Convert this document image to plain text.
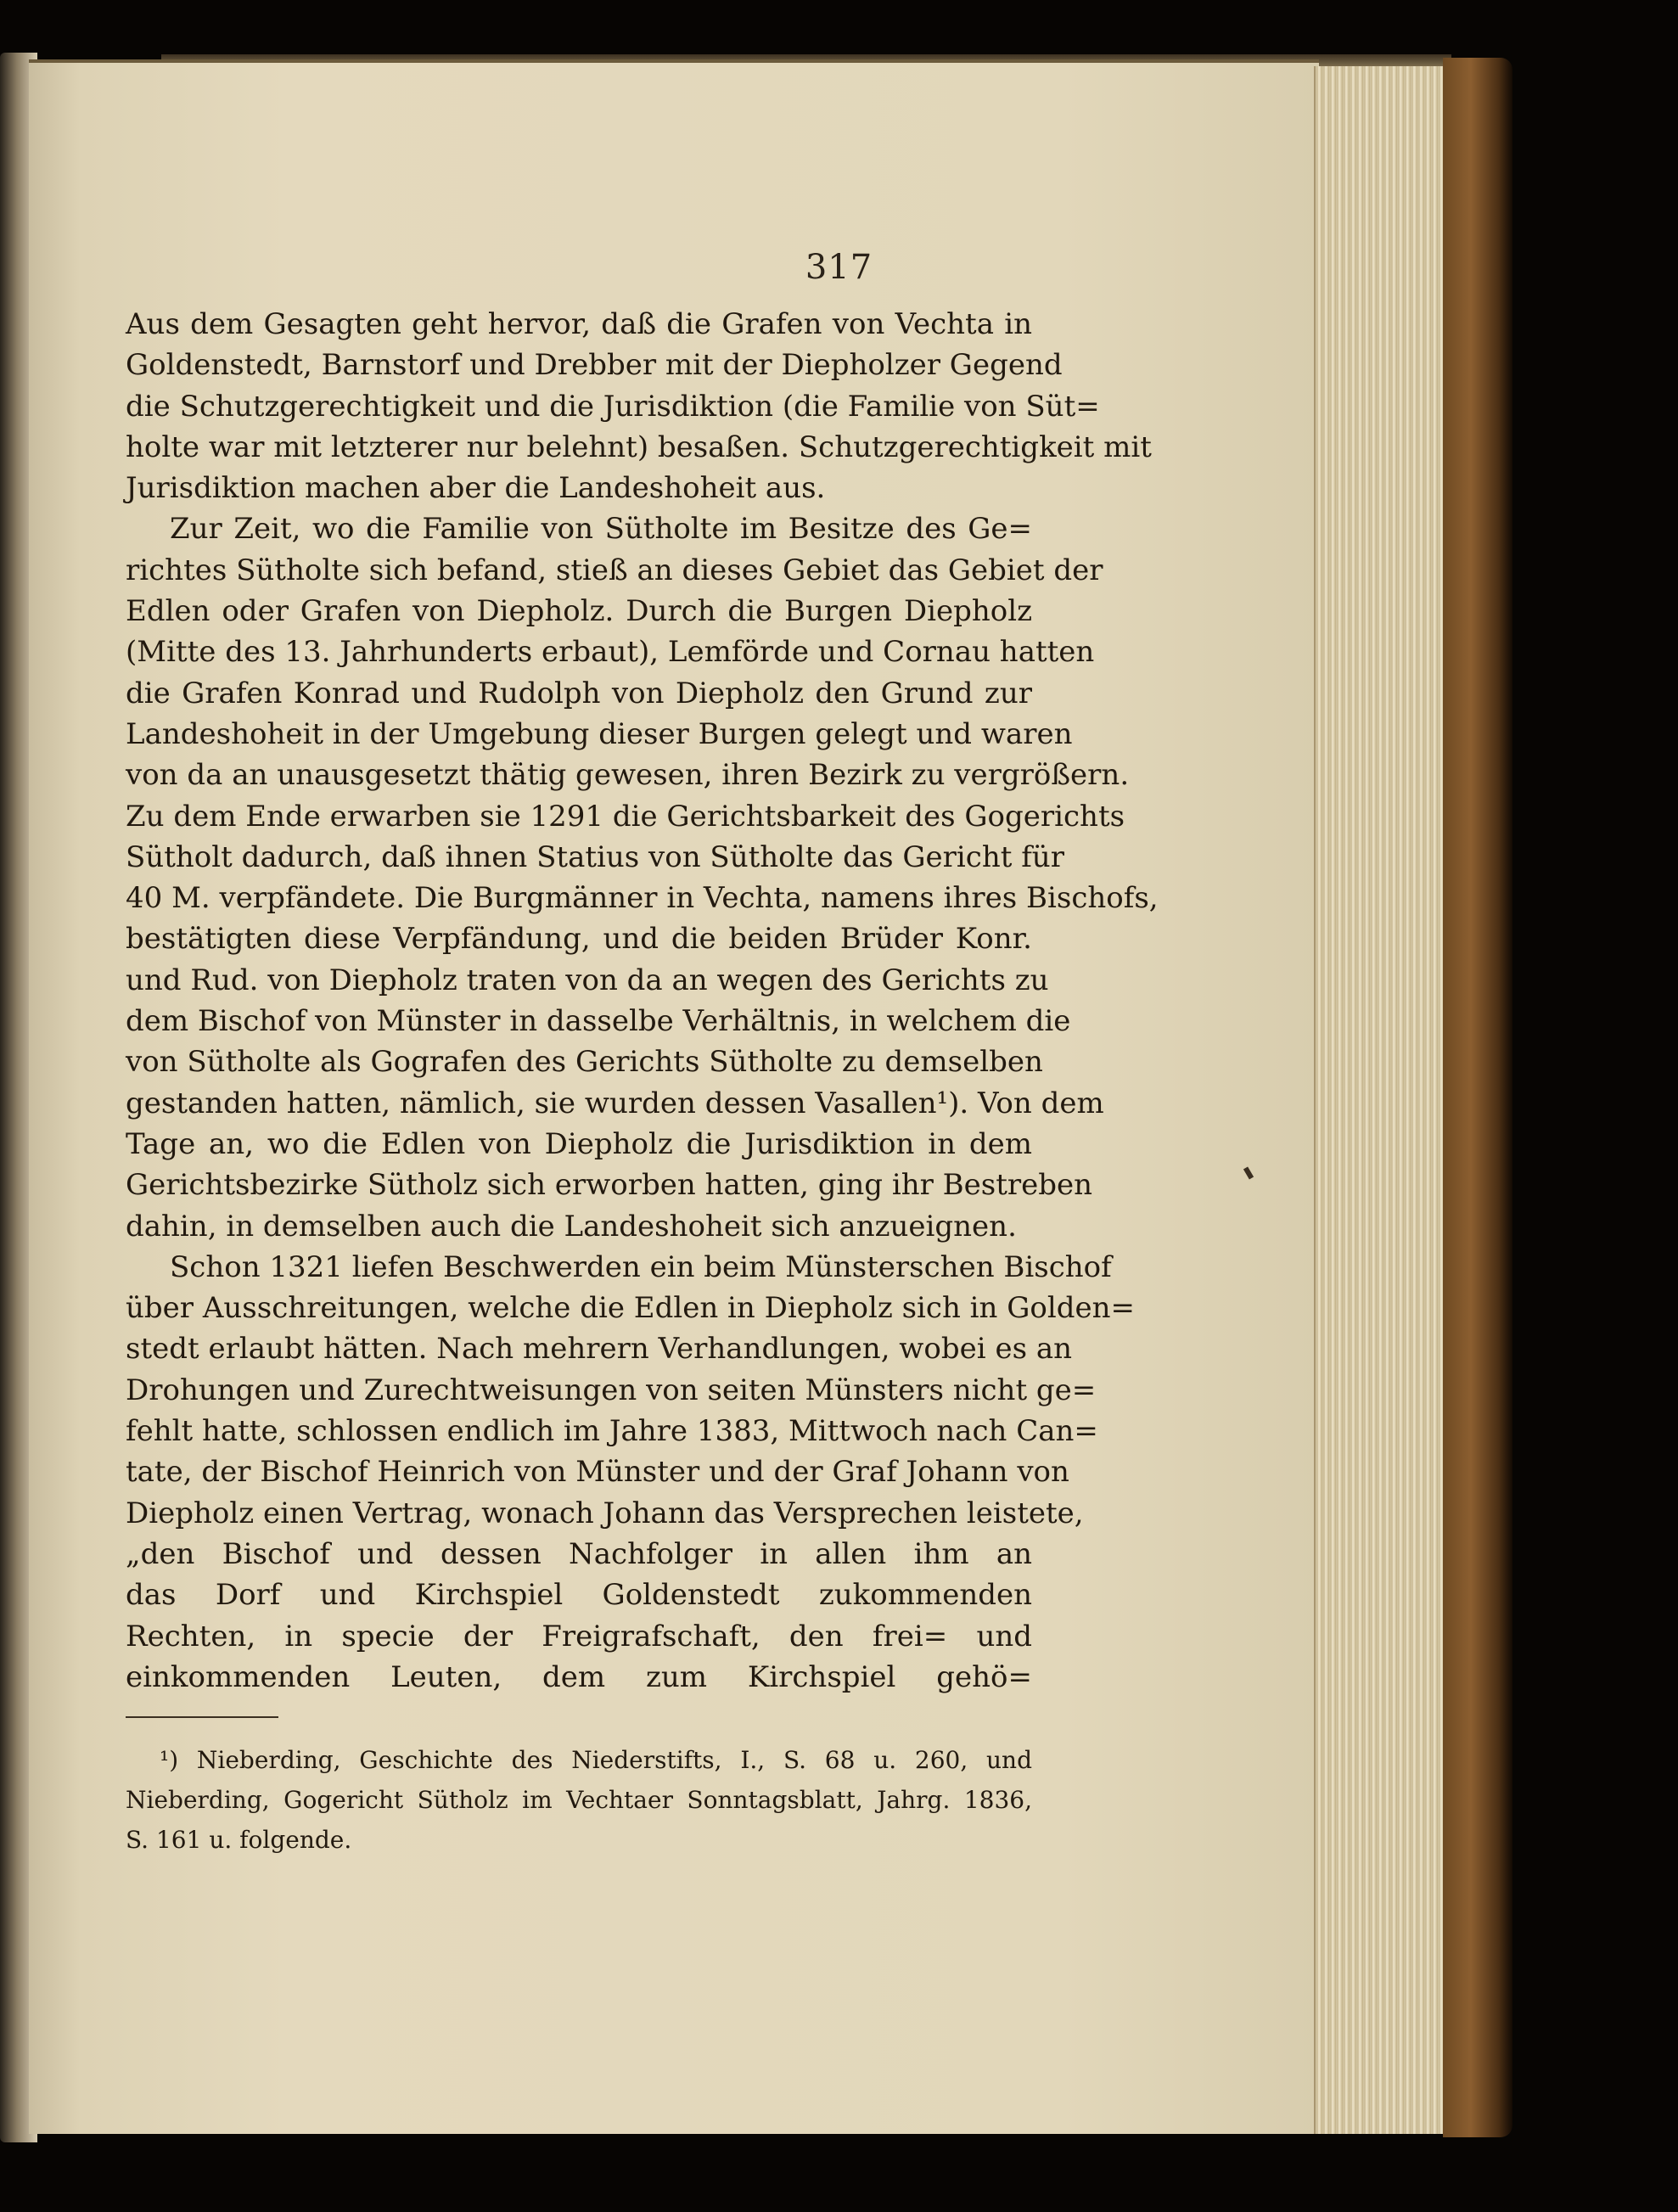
317
Aus dem Gesagten geht hervor, daß die Grafen von Vechta in
Goldenstedt, Barnstorf und Drebber mit der Diepholzer Gegend
die Schutzgerechtigkeit und die Jurisdiktion (die Familie von Süt=
holte war mit letzterer nur belehnt) besaßen. Schutzgerechtigkeit mit
Jurisdiktion machen aber die Landeshoheit aus.
Zur Zeit, wo die Familie von Sütholte im Besitze des Ge=
richtes Sütholte sich befand, stieß an dieses Gebiet das Gebiet der
Edlen oder Grafen von Diepholz. Durch die Burgen Diepholz
(Mitte des 13. Jahrhunderts erbaut), Lemförde und Cornau hatten
die Grafen Konrad und Rudolph von Diepholz den Grund zur
Landeshoheit in der Umgebung dieser Burgen gelegt und waren
von da an unausgesetzt thätig gewesen, ihren Bezirk zu vergrößern.
Zu dem Ende erwarben sie 1291 die Gerichtsbarkeit des Gogerichts
Sütholt dadurch, daß ihnen Statius von Sütholte das Gericht für
40 M. verpfändete. Die Burgmänner in Vechta, namens ihres Bischofs,
bestätigten diese Verpfändung, und die beiden Brüder Konr.
und Rud. von Diepholz traten von da an wegen des Gerichts zu
dem Bischof von Münster in dasselbe Verhältnis, in welchem die
von Sütholte als Gografen des Gerichts Sütholte zu demselben
gestanden hatten, nämlich, sie wurden dessen Vasallen¹). Von dem
Tage an, wo die Edlen von Diepholz die Jurisdiktion in dem
Gerichtsbezirke Sütholz sich erworben hatten, ging ihr Bestreben
dahin, in demselben auch die Landeshoheit sich anzueignen.
Schon 1321 liefen Beschwerden ein beim Münsterschen Bischof
über Ausschreitungen, welche die Edlen in Diepholz sich in Golden=
stedt erlaubt hätten. Nach mehrern Verhandlungen, wobei es an
Drohungen und Zurechtweisungen von seiten Münsters nicht ge=
fehlt hatte, schlossen endlich im Jahre 1383, Mittwoch nach Can=
tate, der Bischof Heinrich von Münster und der Graf Johann von
Diepholz einen Vertrag, wonach Johann das Versprechen leistete,
„den Bischof und dessen Nachfolger in allen ihm an
das Dorf und Kirchspiel Goldenstedt zukommenden
Rechten, in specie der Freigrafschaft, den frei= und
einkommenden Leuten, dem zum Kirchspiel gehö=
¹) Nieberding, Geschichte des Niederstifts, I., S. 68 u. 260, und
Nieberding, Gogericht Sütholz im Vechtaer Sonntagsblatt, Jahrg. 1836,
S. 161 u. folgende.
